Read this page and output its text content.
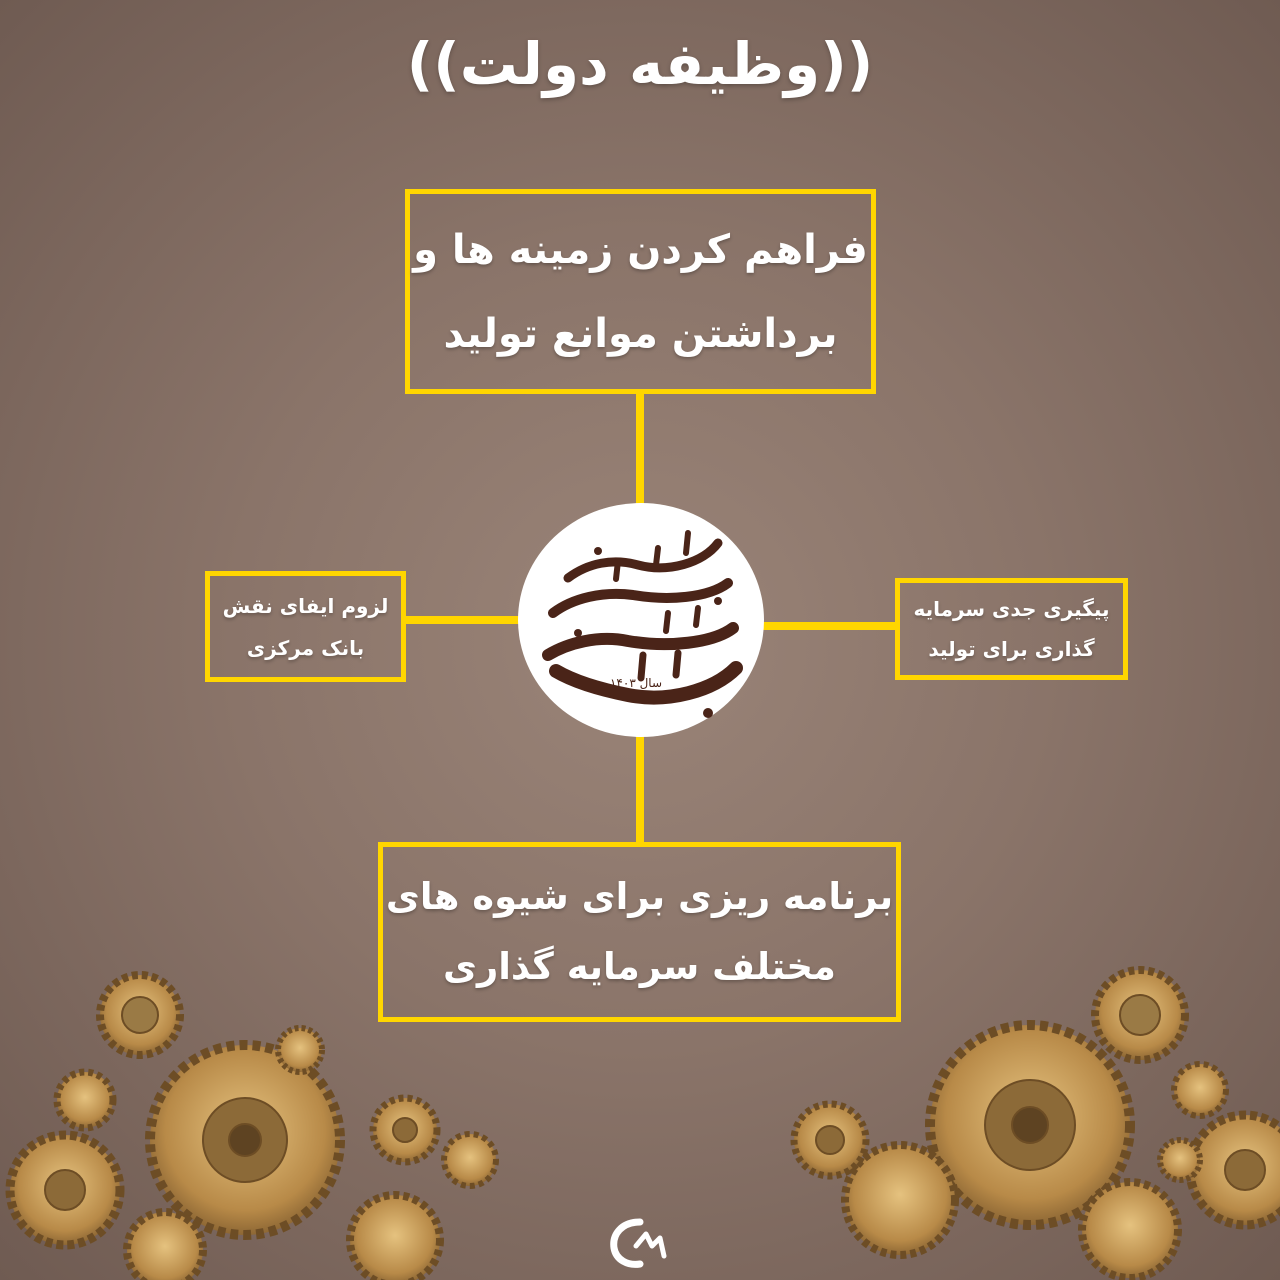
((وظیفه دولت))
فراهم کردن زمینه ها و
برداشتن موانع تولید
برنامه ریزی برای شیوه های
مختلف سرمایه گذاری
لزوم ایفای نقش
بانک مرکزی
پیگیری جدی سرمایه
گذاری برای تولید
سال ۱۴۰۳
